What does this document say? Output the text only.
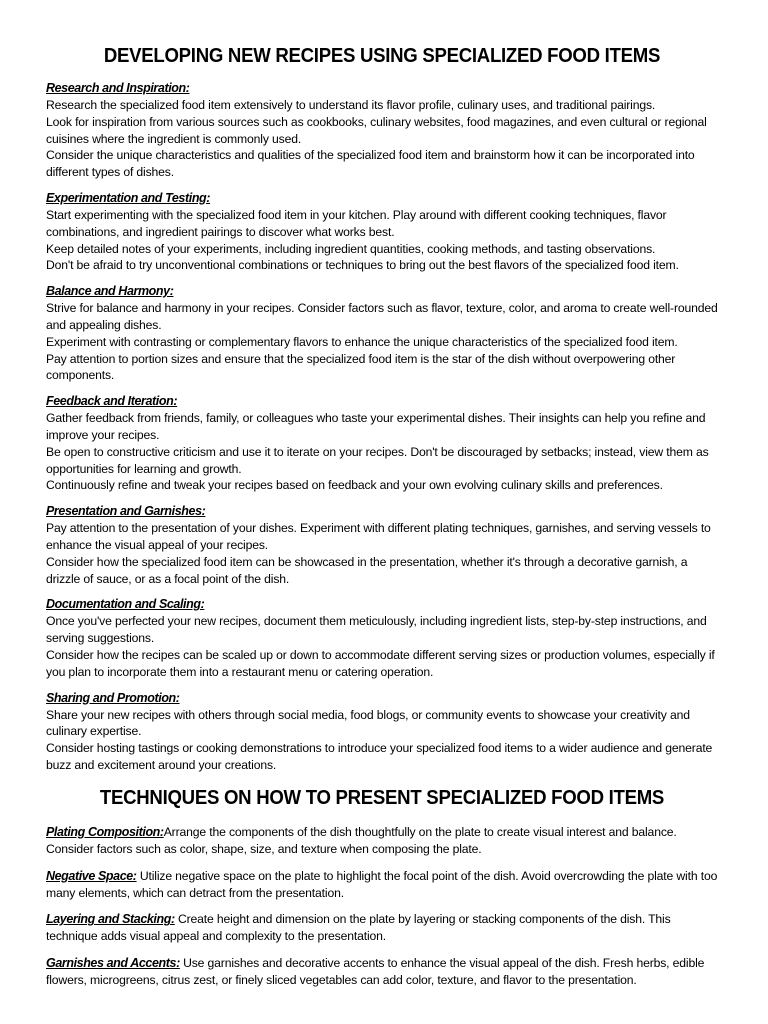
DEVELOPING NEW RECIPES USING SPECIALIZED FOOD ITEMS
Research and Inspiration:

Research the specialized food item extensively to understand its flavor profile, culinary uses, and traditional pairings.

Look for inspiration from various sources such as cookbooks, culinary websites, food magazines, and even cultural or regional cuisines where the ingredient is commonly used.

Consider the unique characteristics and qualities of the specialized food item and brainstorm how it can be incorporated into different types of dishes.

Experimentation and Testing:

Start experimenting with the specialized food item in your kitchen. Play around with different cooking techniques, flavor combinations, and ingredient pairings to discover what works best.

Keep detailed notes of your experiments, including ingredient quantities, cooking methods, and tasting observations.

Don't be afraid to try unconventional combinations or techniques to bring out the best flavors of the specialized food item.

Balance and Harmony:

Strive for balance and harmony in your recipes. Consider factors such as flavor, texture, color, and aroma to create well-rounded and appealing dishes.

Experiment with contrasting or complementary flavors to enhance the unique characteristics of the specialized food item.

Pay attention to portion sizes and ensure that the specialized food item is the star of the dish without overpowering other components.

Feedback and Iteration:

Gather feedback from friends, family, or colleagues who taste your experimental dishes. Their insights can help you refine and improve your recipes.

Be open to constructive criticism and use it to iterate on your recipes. Don't be discouraged by setbacks; instead, view them as opportunities for learning and growth.

Continuously refine and tweak your recipes based on feedback and your own evolving culinary skills and preferences.

Presentation and Garnishes:

Pay attention to the presentation of your dishes. Experiment with different plating techniques, garnishes, and serving vessels to enhance the visual appeal of your recipes.

Consider how the specialized food item can be showcased in the presentation, whether it's through a decorative garnish, a drizzle of sauce, or as a focal point of the dish.

Documentation and Scaling:

Once you've perfected your new recipes, document them meticulously, including ingredient lists, step-by-step instructions, and serving suggestions.

Consider how the recipes can be scaled up or down to accommodate different serving sizes or production volumes, especially if you plan to incorporate them into a restaurant menu or catering operation.

Sharing and Promotion:

Share your new recipes with others through social media, food blogs, or community events to showcase your creativity and culinary expertise.

Consider hosting tastings or cooking demonstrations to introduce your specialized food items to a wider audience and generate buzz and excitement around your creations.

TECHNIQUES ON HOW TO PRESENT SPECIALIZED FOOD ITEMS
Plating Composition:Arrange the components of the dish thoughtfully on the plate to create visual interest and balance. Consider factors such as color, shape, size, and texture when composing the plate.
Negative Space: Utilize negative space on the plate to highlight the focal point of the dish. Avoid overcrowding the plate with too many elements, which can detract from the presentation.
Layering and Stacking: Create height and dimension on the plate by layering or stacking components of the dish. This technique adds visual appeal and complexity to the presentation.
Garnishes and Accents: Use garnishes and decorative accents to enhance the visual appeal of the dish. Fresh herbs, edible flowers, microgreens, citrus zest, or finely sliced vegetables can add color, texture, and flavor to the presentation.
